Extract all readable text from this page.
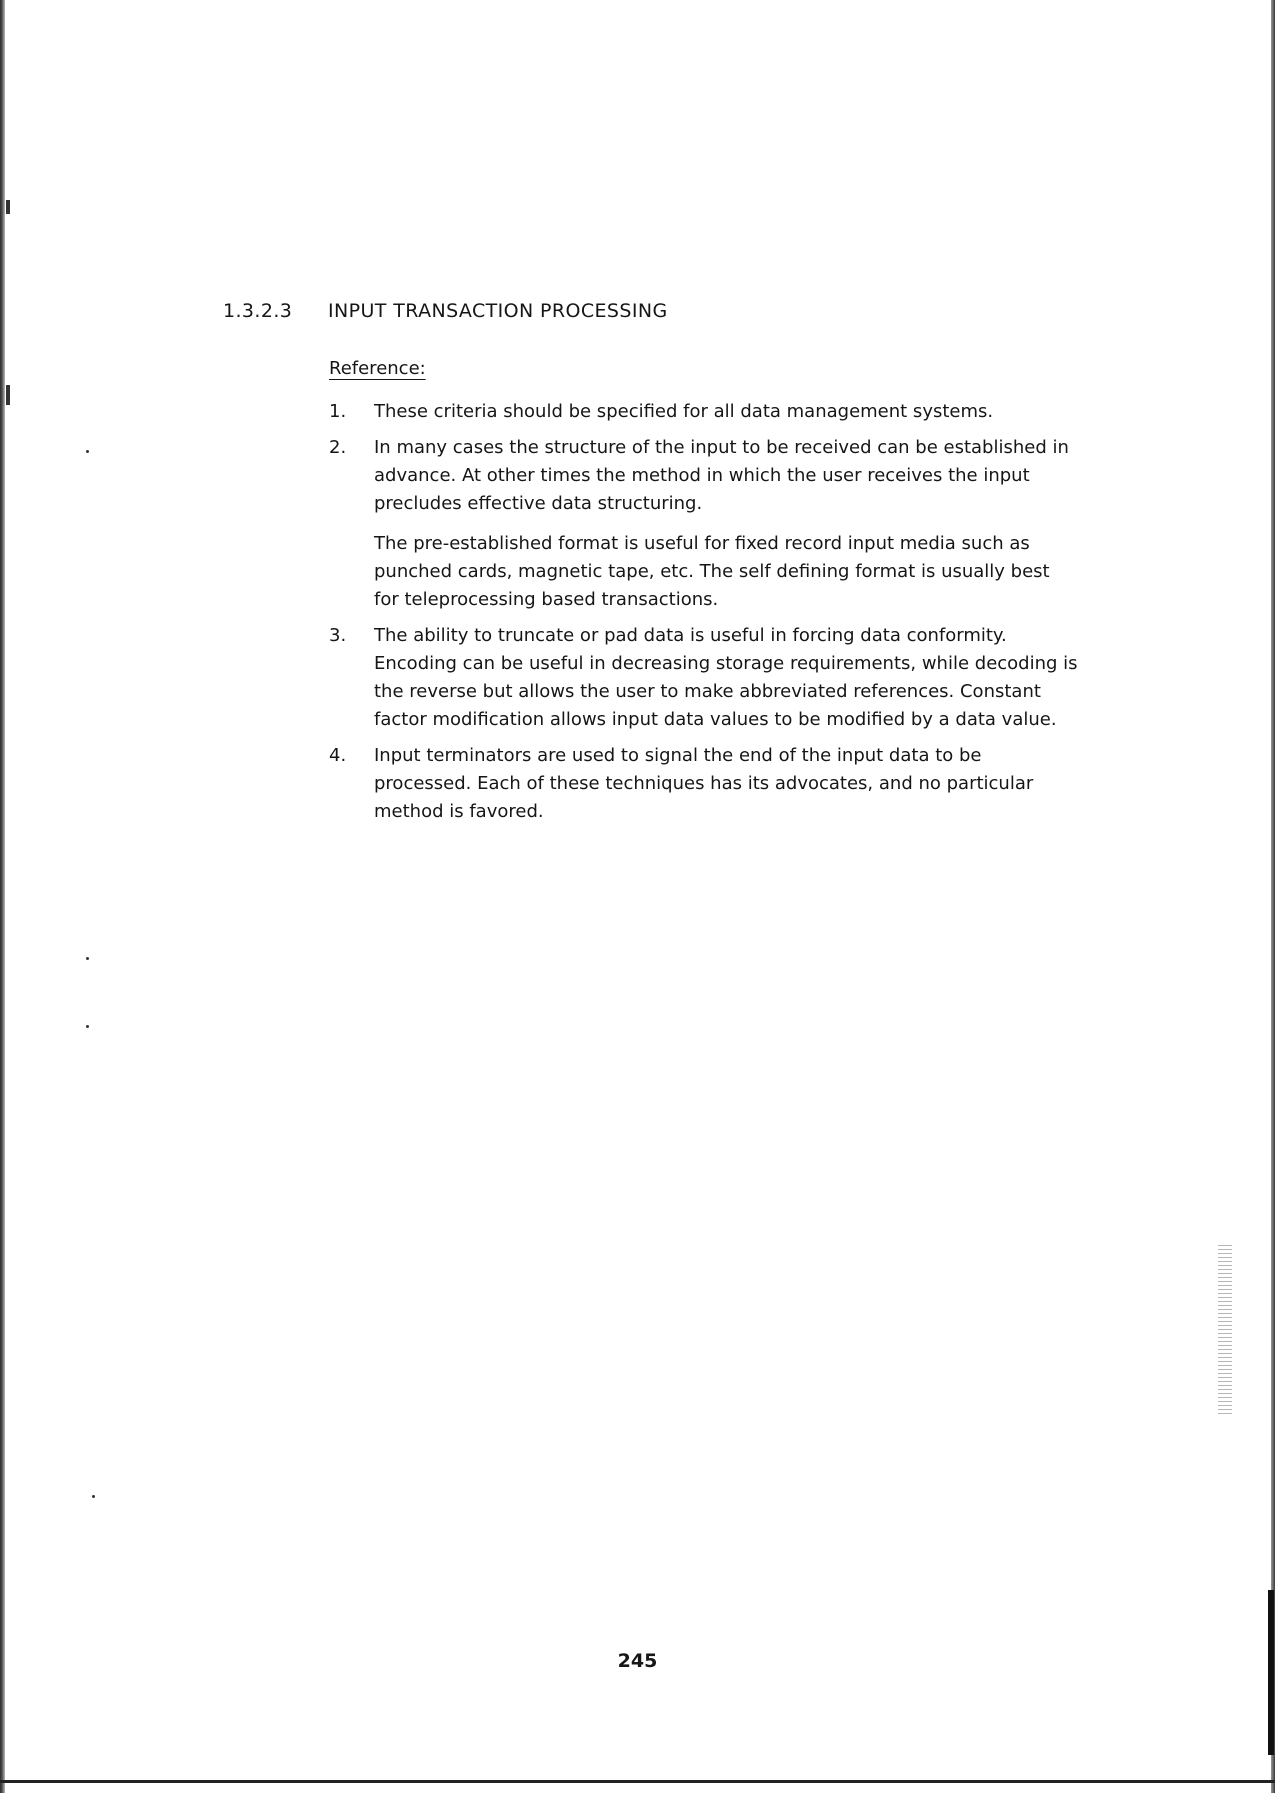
1.3.2.3 INPUT TRANSACTION PROCESSING
Reference:
1. These criteria should be specified for all data management systems.

2. In many cases the structure of the input to be received can be established in advance. At other times the method in which the user receives the input precludes effective data structuring.

The pre-established format is useful for fixed record input media such as punched cards, magnetic tape, etc. The self defining format is usually best for teleprocessing based transactions.

3. The ability to truncate or pad data is useful in forcing data conformity. Encoding can be useful in decreasing storage requirements, while decoding is the reverse but allows the user to make abbreviated references. Constant factor modification allows input data values to be modified by a data value.

4. Input terminators are used to signal the end of the input data to be processed. Each of these techniques has its advocates, and no particular method is favored.

245
